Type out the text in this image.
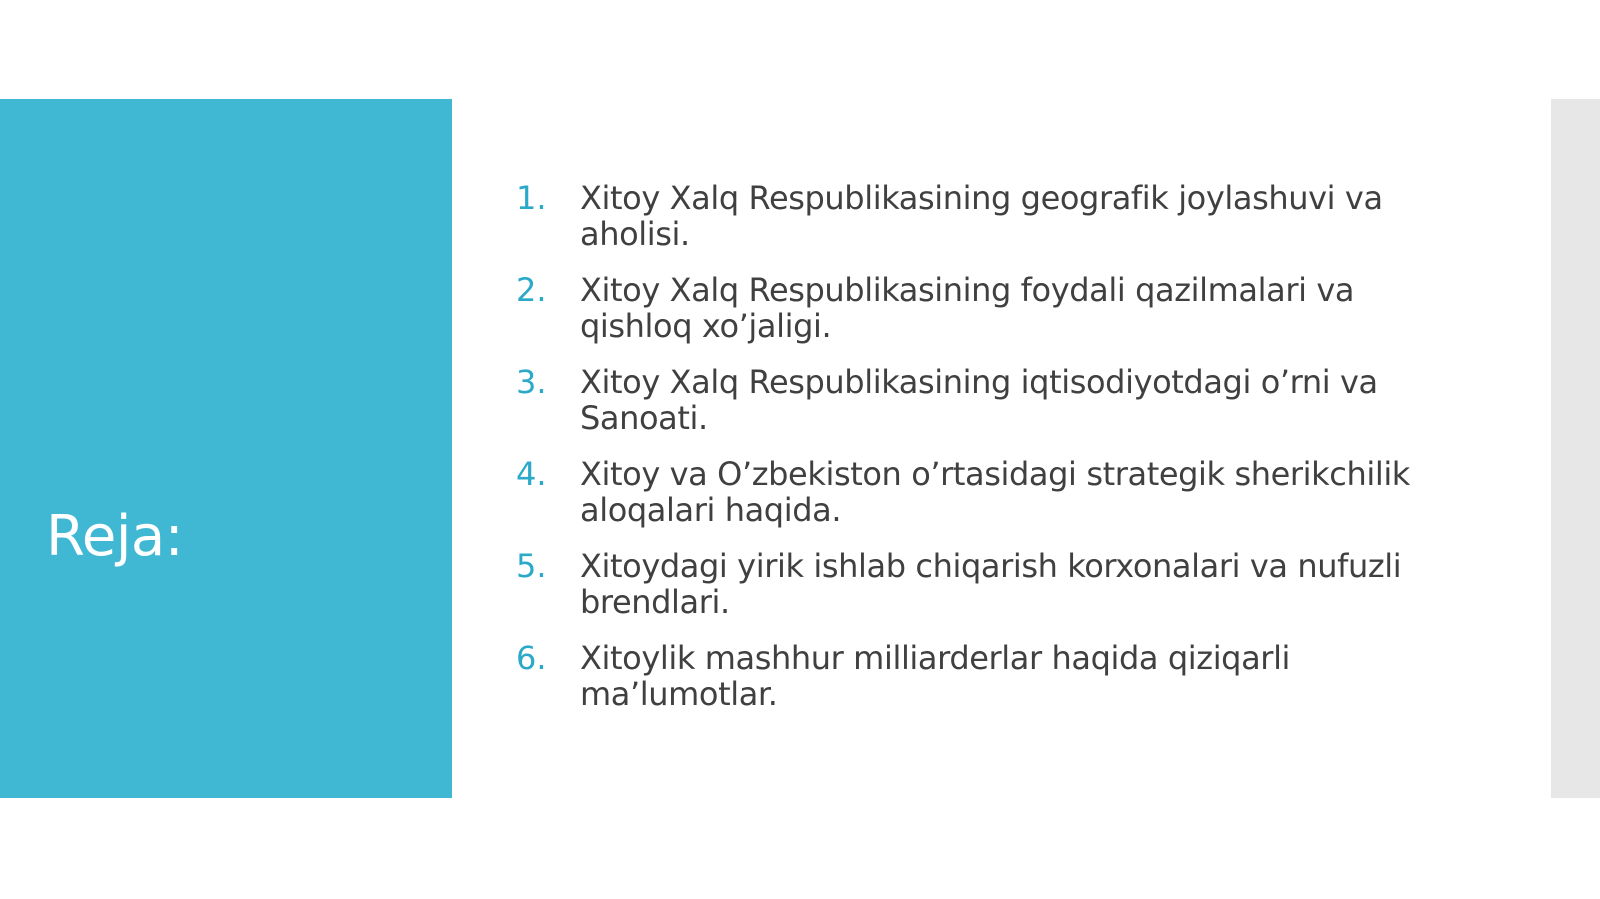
Reja:
1.	Xitoy Xalq Respublikasining geografik joylashuvi va aholisi.
2.	Xitoy Xalq Respublikasining foydali qazilmalari va qishloq xo’jaligi.
3.	Xitoy Xalq Respublikasining iqtisodiyotdagi o’rni va Sanoati.
4.	Xitoy va O’zbekiston o’rtasidagi strategik sherikchilik aloqalari haqida.
5.	Xitoydagi yirik ishlab chiqarish korxonalari va nufuzli brendlari.
6.	Xitoylik mashhur milliarderlar haqida qiziqarli ma’lumotlar.
